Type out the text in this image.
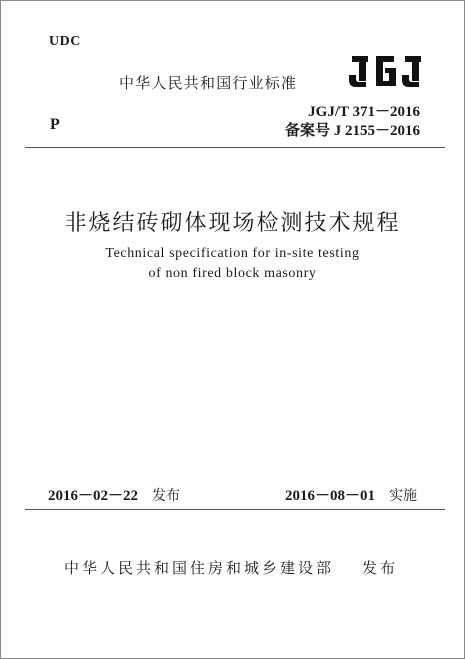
UDC
中华人民共和国行业标准
JGJ/T 371－2016
备案号 J 2155－2016
P
非烧结砖砌体现场检测技术规程
Technical specification for in-site testing
of non fired block masonry
2016－02－22 发布	2016－08－01 实施
中华人民共和国住房和城乡建设部 发布
